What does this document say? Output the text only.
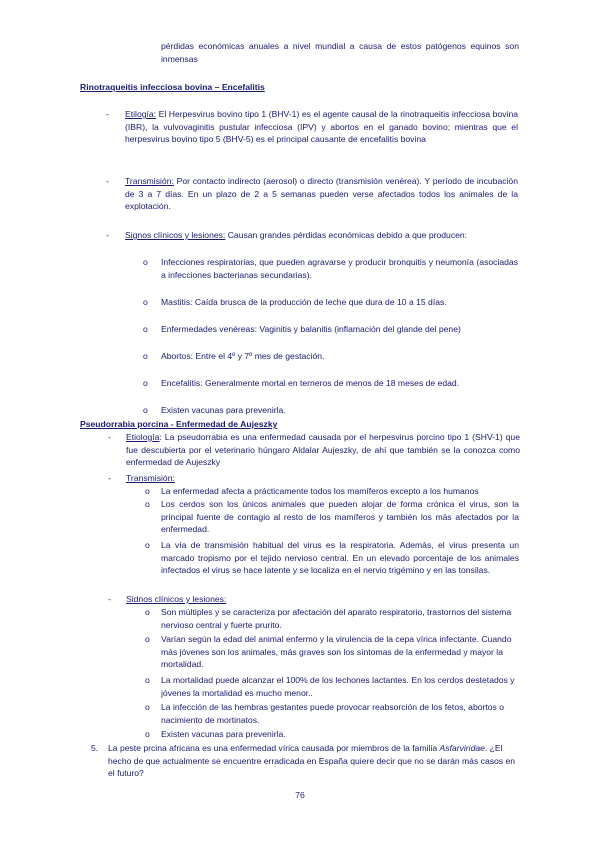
pérdidas económicas anuales a nivel mundial a causa de estos patógenos equinos son inmensas

Rinotraqueitis infecciosa bovina – Encefalitis

-	Etilogía: El Herpesvirus bovino tipo 1 (BHV-1) es el agente causal de la rinotraqueitis infecciosa bovina (IBR), la vulvovaginitis pustular infecciosa (IPV) y abortos en el ganado bovino; mientras que el herpesvirus bovino tipo 5 (BHV-5) es el principal causante de encefalitis bovina

-	Transmisión: Por contacto indirecto (aerosol) o directo (transmisión venérea). Y período de incubación de 3 a 7 días. En un plazo de 2 a 5 semanas pueden verse afectados todos los animales de la explotación.

-	Signos clínicos y lesiones: Causan grandes pérdidas económicas debido a que producen:

o	Infecciones respiratorias, que pueden agravarse y producir bronquitis y neumonía (asociadas a infecciones bacterianas secundarias).

o	Mastitis: Caída brusca de la producción de leche que dura de 10 a 15 días.

o	Enfermedades venéreas: Vaginitis y balanitis (inflamación del glande del pene)

o	Abortos: Entre el 4º y 7º mes de gestación.

o	Encefalitis: Generalmente mortal en terneros de menos de 18 meses de edad.

o	Existen vacunas para prevenirla.

Pseudorrabia porcina - Enfermedad de Aujeszky

-	Etiología: La pseudorrabia es una enfermedad causada por el herpesvirus porcino tipo 1 (SHV-1) que fue descubierta por el veterinario húngaro Aldalar Aujeszky, de ahí que también se la conozca como enfermedad de Aujeszky

-	Transmisión:

o	La enfermedad afecta a prácticamente todos los mamíferos excepto a los humanos

o	Los cerdos son los únicos animales que pueden alojar de forma crónica el virus, son la principal fuente de contagio al resto de los mamíferos y también los más afectados por la enfermedad.

o	La vía de transmisión habitual del virus es la respiratoria. Además, el virus presenta un marcado tropismo por el tejido nervioso central. En un elevado porcentaje de los animales infectados el virus se hace latente y se localiza en el nervio trigémino y en las tonsilas.

-	Sidnos clínicos y lesiones:

o	Son múltiples y se caracteriza por afectación del aparato respiratorio, trastornos del sistema nervioso central y fuerte prurito.

o	Varían según la edad del animal enfermo y la virulencia de la cepa vírica infectante. Cuando más jóvenes son los animales, más graves son los síntomas de la enfermedad y mayor la mortalidad.

o	La mortalidad puede alcanzar el 100% de los lechones lactantes. En los cerdos destetados y jóvenes la mortalidad es mucho menor..

o	La infección de las hembras gestantes puede provocar reabsorción de los fetos, abortos o nacimiento de mortinatos.

o	Existen vacunas para prevenirla.

5. La peste prcina africana es una enfermedad vírica causada por miembros de la familia Asfarviridae. ¿El hecho de que actualmente se encuentre erradicada en España quiere decir que no se darán más casos en el futuro?

76
